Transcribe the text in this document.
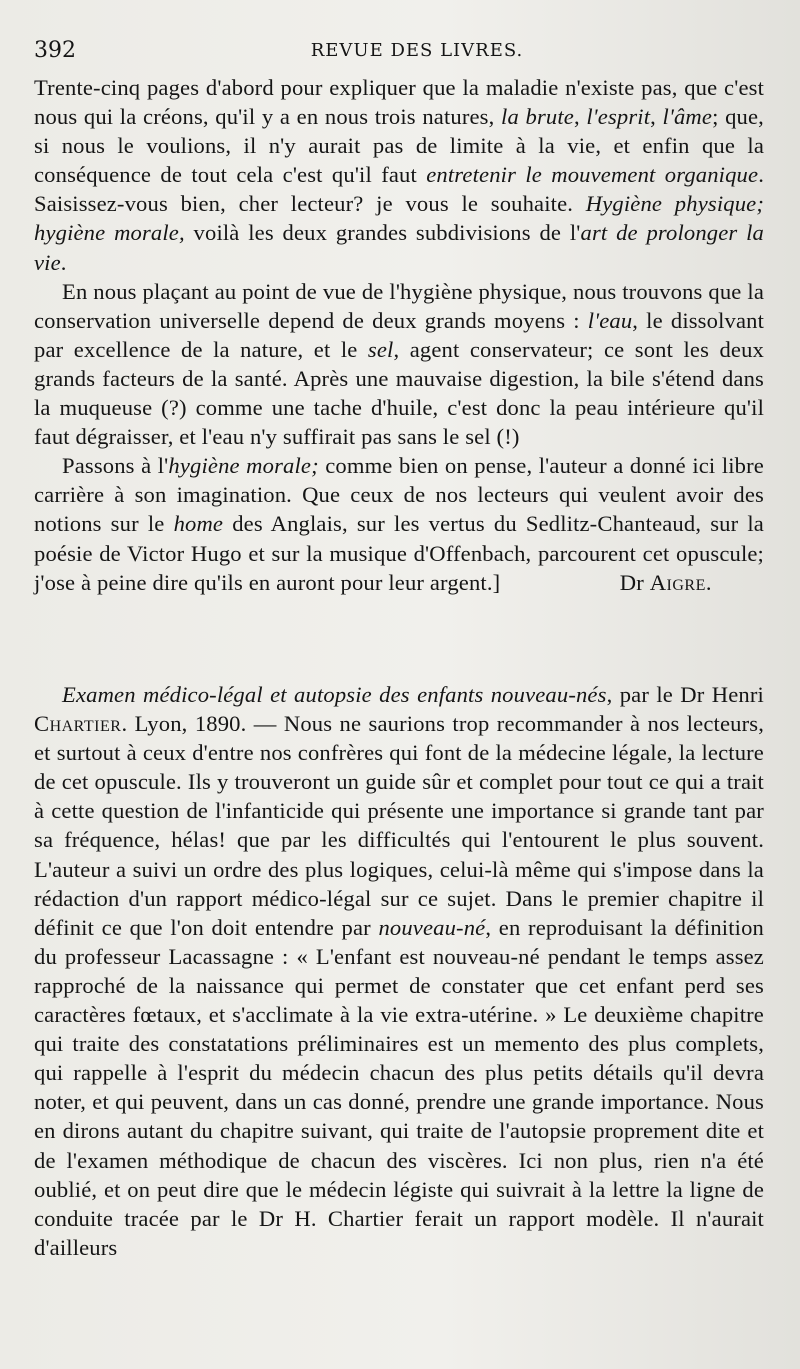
392	REVUE DES LIVRES.

Trente-cinq pages d'abord pour expliquer que la maladie n'existe pas, que c'est nous qui la créons, qu'il y a en nous trois natures, la brute, l'esprit, l'âme; que, si nous le voulions, il n'y aurait pas de limite à la vie, et enfin que la conséquence de tout cela c'est qu'il faut entretenir le mouvement organique. Saisissez-vous bien, cher lecteur? je vous le souhaite. Hygiène physique; hygiène morale, voilà les deux grandes subdivisions de l'art de prolonger la vie.

En nous plaçant au point de vue de l'hygiène physique, nous trouvons que la conservation universelle depend de deux grands moyens : l'eau, le dissolvant par excellence de la nature, et le sel, agent conservateur; ce sont les deux grands facteurs de la santé. Après une mauvaise digestion, la bile s'étend dans la muqueuse (?) comme une tache d'huile, c'est donc la peau intérieure qu'il faut dégraisser, et l'eau n'y suffirait pas sans le sel (!)

Passons à l'hygiène morale; comme bien on pense, l'auteur a donné ici libre carrière à son imagination. Que ceux de nos lecteurs qui veulent avoir des notions sur le home des Anglais, sur les vertus du Sedlitz-Chanteaud, sur la poésie de Victor Hugo et sur la musique d'Offenbach, parcourent cet opuscule; j'ose à peine dire qu'ils en auront pour leur argent.]	Dr Aigre.

Examen médico-légal et autopsie des enfants nouveau-nés, par le Dr Henri Chartier. Lyon, 1890. — Nous ne saurions trop recommander à nos lecteurs, et surtout à ceux d'entre nos confrères qui font de la médecine légale, la lecture de cet opuscule. Ils y trouveront un guide sûr et complet pour tout ce qui a trait à cette question de l'infanticide qui présente une importance si grande tant par sa fréquence, hélas! que par les difficultés qui l'entourent le plus souvent. L'auteur a suivi un ordre des plus logiques, celui-là même qui s'impose dans la rédaction d'un rapport médico-légal sur ce sujet. Dans le premier chapitre il définit ce que l'on doit entendre par nouveau-né, en reproduisant la définition du professeur Lacassagne : « L'enfant est nouveau-né pendant le temps assez rapproché de la naissance qui permet de constater que cet enfant perd ses caractères fœtaux, et s'acclimate à la vie extra-utérine. » Le deuxième chapitre qui traite des constatations préliminaires est un memento des plus complets, qui rappelle à l'esprit du médecin chacun des plus petits détails qu'il devra noter, et qui peuvent, dans un cas donné, prendre une grande importance. Nous en dirons autant du chapitre suivant, qui traite de l'autopsie proprement dite et de l'examen méthodique de chacun des viscères. Ici non plus, rien n'a été oublié, et on peut dire que le médecin légiste qui suivrait à la lettre la ligne de conduite tracée par le Dr H. Chartier ferait un rapport modèle. Il n'aurait d'ailleurs
